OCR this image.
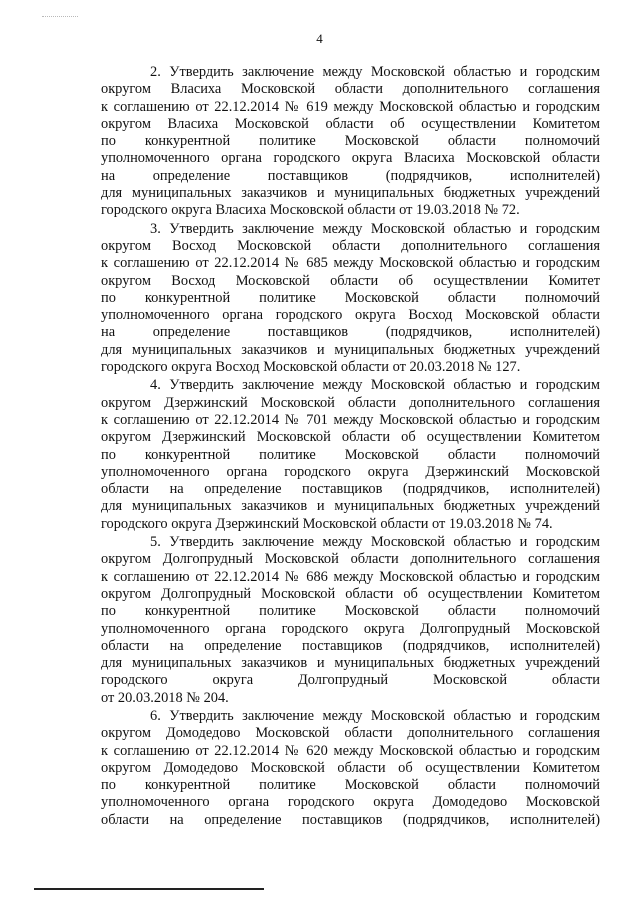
4
2. Утвердить заключение между Московской областью и городским
округом Власиха Московской области дополнительного соглашения
к соглашению от 22.12.2014 № 619 между Московской областью и городским
округом Власиха Московской области об осуществлении Комитетом
по конкурентной политике Московской области полномочий
уполномоченного органа городского округа Власиха Московской области
на определение поставщиков (подрядчиков, исполнителей)
для муниципальных заказчиков и муниципальных бюджетных учреждений
городского округа Власиха Московской области от 19.03.2018 № 72.
3. Утвердить заключение между Московской областью и городским
округом Восход Московской области дополнительного соглашения
к соглашению от 22.12.2014 № 685 между Московской областью и городским
округом Восход Московской области об осуществлении Комитет
по конкурентной политике Московской области полномочий
уполномоченного органа городского округа Восход Московской области
на определение поставщиков (подрядчиков, исполнителей)
для муниципальных заказчиков и муниципальных бюджетных учреждений
городского округа Восход Московской области от 20.03.2018 № 127.
4. Утвердить заключение между Московской областью и городским
округом Дзержинский Московской области дополнительного соглашения
к соглашению от 22.12.2014 № 701 между Московской областью и городским
округом Дзержинский Московской области об осуществлении Комитетом
по конкурентной политике Московской области полномочий
уполномоченного органа городского округа Дзержинский Московской
области на определение поставщиков (подрядчиков, исполнителей)
для муниципальных заказчиков и муниципальных бюджетных учреждений
городского округа Дзержинский Московской области от 19.03.2018 № 74.
5. Утвердить заключение между Московской областью и городским
округом Долгопрудный Московской области дополнительного соглашения
к соглашению от 22.12.2014 № 686 между Московской областью и городским
округом Долгопрудный Московской области об осуществлении Комитетом
по конкурентной политике Московской области полномочий
уполномоченного органа городского округа Долгопрудный Московской
области на определение поставщиков (подрядчиков, исполнителей)
для муниципальных заказчиков и муниципальных бюджетных учреждений
городского округа Долгопрудный Московской области
от 20.03.2018 № 204.
6. Утвердить заключение между Московской областью и городским
округом Домодедово Московской области дополнительного соглашения
к соглашению от 22.12.2014 № 620 между Московской областью и городским
округом Домодедово Московской области об осуществлении Комитетом
по конкурентной политике Московской области полномочий
уполномоченного органа городского округа Домодедово Московской
области на определение поставщиков (подрядчиков, исполнителей)
